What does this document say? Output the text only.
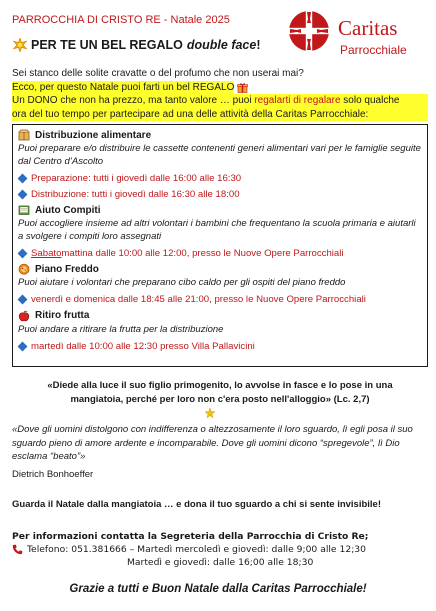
PARROCCHIA DI CRISTO RE - Natale 2025	Caritas
Parrocchiale
PER TE UN BEL REGALO double face !
Sei stanco delle solite cravatte o del profumo che non userai mai?
Ecco, per questo Natale puoi farti un bel REGALO
Un DONO che non ha prezzo, ma tanto valore … puoi regalarti di regalare solo qualche
ora del tuo tempo per partecipare ad una delle attività della Caritas Parrocchiale:
Distribuzione alimentare
Puoi preparare e/o distribuire le cassette contenenti generi alimentari vari per le famiglie seguite dal Centro d’Ascolto
Preparazione: tutti i giovedì dalle 16:00 alle 16:30
Distribuzione: tutti i giovedì dalle 16:30 alle 18:00
Aiuto Compiti
Puoi accogliere insieme ad altri volontari i bambini che frequentano la scuola primaria e aiutarli a svolgere i compiti loro assegnati
Sabato mattina dalle 10:00 alle 12:00, presso le Nuove Opere Parrocchiali
Piano Freddo
Puoi aiutare i volontari che preparano cibo caldo per gli ospiti del piano freddo
venerdì e domenica dalle 18:45 alle 21:00, presso le Nuove Opere Parrocchiali
Ritiro frutta
Puoi andare a ritirare la frutta per la distribuzione
martedì dalle 10:00 alle 12:30 presso Villa Pallavicini
«Diede alla luce il suo figlio primogenito, lo avvolse in fasce e lo pose in una mangiatoia, perché per loro non c'era posto nell'alloggio» (Lc. 2,7)
«Dove gli uomini distolgono con indifferenza o altezzosamente il loro sguardo, lì egli posa il suo sguardo pieno di amore ardente e incomparabile. Dove gli uomini dicono “spregevole”, lì Dio esclama “beato”»
Dietrich Bonhoeffer
Guarda il Natale dalla mangiatoia … e dona il tuo sguardo a chi si sente invisibile!
Per informazioni contatta la Segreteria della Parrocchia di Cristo Re;
Telefono: 051.381666 – Martedì mercoledì e giovedì: dalle 9;00 alle 12;30
Martedì e giovedì: dalle 16;00 alle 18;30
Grazie a tutti e Buon Natale dalla Caritas Parrocchiale!
